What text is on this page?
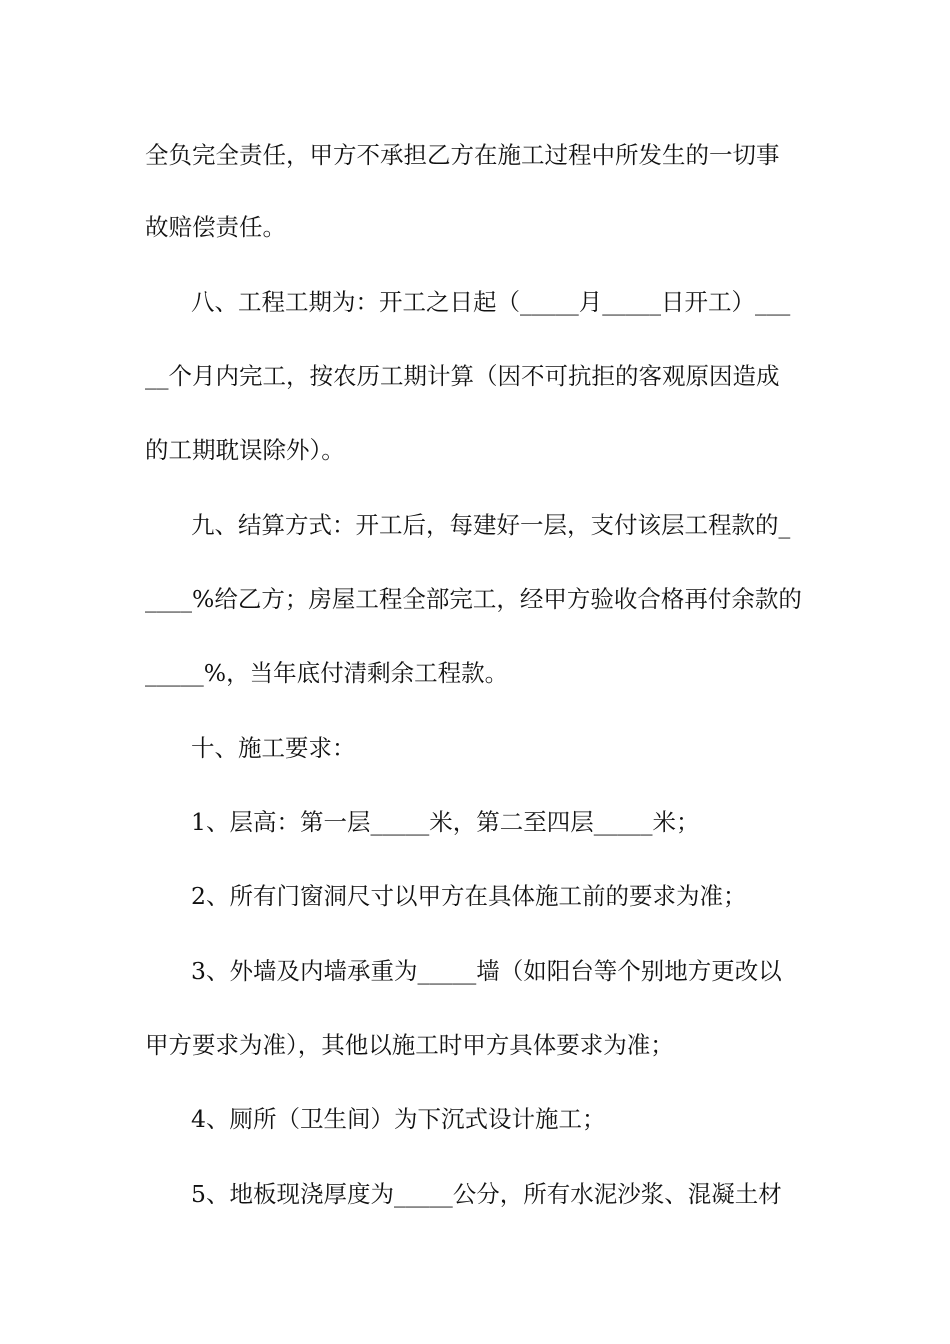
全负完全责任，甲方不承担乙方在施工过程中所发生的一切事
故赔偿责任。
八、工程工期为：开工之日起（_____月_____日开工）___
__个月内完工，按农历工期计算（因不可抗拒的客观原因造成
的工期耽误除外）。
九、结算方式：开工后，每建好一层，支付该层工程款的_
____%给乙方；房屋工程全部完工，经甲方验收合格再付余款的
_____%，当年底付清剩余工程款。
十、施工要求：
1、层高：第一层_____米，第二至四层_____米；
2、所有门窗洞尺寸以甲方在具体施工前的要求为准；
3、外墙及内墙承重为_____墙（如阳台等个别地方更改以
甲方要求为准），其他以施工时甲方具体要求为准；
4、厕所（卫生间）为下沉式设计施工；
5、地板现浇厚度为_____公分，所有水泥沙浆、混凝土材
